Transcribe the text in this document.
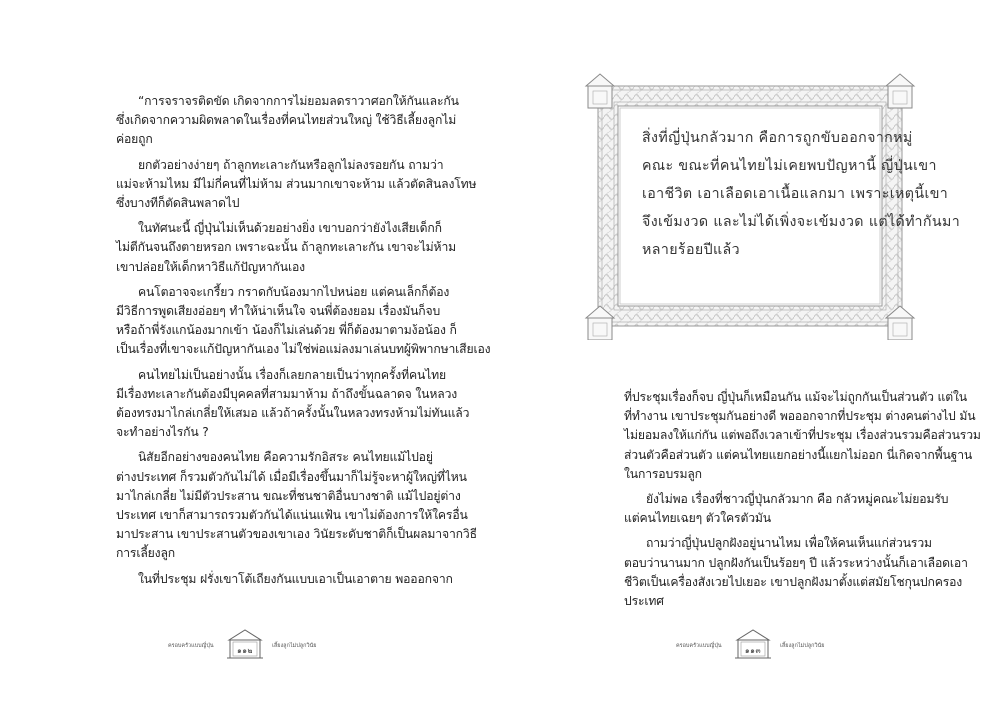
“การจราจรติดขัด เกิดจากการไม่ยอมลดราวาศอกให้กันและกัน

ซึ่งเกิดจากความผิดพลาดในเรื่องที่คนไทยส่วนใหญ่ ใช้วิธีเลี้ยงลูกไม่

ค่อยถูก

ยกตัวอย่างง่ายๆ ถ้าลูกทะเลาะกันหรือลูกไม่ลงรอยกัน ถามว่า

แม่จะห้ามไหม มีไม่กี่คนที่ไม่ห้าม ส่วนมากเขาจะห้าม แล้วตัดสินลงโทษ

ซึ่งบางทีก็ตัดสินพลาดไป

ในทัศนะนี้ ญี่ปุ่นไม่เห็นด้วยอย่างยิ่ง เขาบอกว่ายังไงเสียเด็กก็

ไม่ตีกันจนถึงตายหรอก เพราะฉะนั้น ถ้าลูกทะเลาะกัน เขาจะไม่ห้าม

เขาปล่อยให้เด็กหาวิธีแก้ปัญหากันเอง

คนโตอาจจะเกรี้ยว กราดกับน้องมากไปหน่อย แต่คนเล็กก็ต้อง

มีวิธีการพูดเสียงอ่อยๆ ทำให้น่าเห็นใจ จนพี่ต้องยอม เรื่องมันก็จบ

หรือถ้าพี่รังแกน้องมากเข้า น้องก็ไม่เล่นด้วย พี่ก็ต้องมาตามง้อน้อง ก็

เป็นเรื่องที่เขาจะแก้ปัญหากันเอง ไม่ใช่พ่อแม่ลงมาเล่นบทผู้พิพากษาเสียเอง

คนไทยไม่เป็นอย่างนั้น เรื่องก็เลยกลายเป็นว่าทุกครั้งที่คนไทย

มีเรื่องทะเลาะกันต้องมีบุคคลที่สามมาห้าม ถ้าถึงขั้นฉลาดจ ในหลวง

ต้องทรงมาไกล่เกลี่ยให้เสมอ แล้วถ้าครั้งนั้นในหลวงทรงห้ามไม่ทันแล้ว

จะทำอย่างไรกัน ?

นิสัยอีกอย่างของคนไทย คือความรักอิสระ คนไทยแม้ไปอยู่

ต่างประเทศ ก็รวมตัวกันไม่ได้ เมื่อมีเรื่องขึ้นมาก็ไม่รู้จะหาผู้ใหญ่ที่ไหน

มาไกล่เกลี่ย ไม่มีตัวประสาน ขณะที่ชนชาติอื่นบางชาติ แม้ไปอยู่ต่าง

ประเทศ เขาก็สามารถรวมตัวกันได้แน่นแฟ้น เขาไม่ต้องการให้ใครอื่น

มาประสาน เขาประสานตัวของเขาเอง วินัยระดับชาติก็เป็นผลมาจากวิธี

การเลี้ยงลูก

ในที่ประชุม ฝรั่งเขาโต้เถียงกันแบบเอาเป็นเอาตาย พอออกจาก

ครอบครัวแบบญี่ปุ่น	๑๑๒	เลี้ยงลูกไม่ปลูกวินัย

สิ่งที่ญี่ปุ่นกลัวมาก คือการถูกขับออกจากหมู่

คณะ ขณะที่คนไทยไม่เคยพบปัญหานี้ ญี่ปุ่นเขา

เอาชีวิต เอาเลือดเอาเนื้อแลกมา เพราะเหตุนี้เขา

จึงเข้มงวด และไม่ได้เพิ่งจะเข้มงวด แต่ได้ทำกันมา

หลายร้อยปีแล้ว

ที่ประชุมเรื่องก็จบ ญี่ปุ่นก็เหมือนกัน แม้จะไม่ถูกกันเป็นส่วนตัว แต่ใน

ที่ทำงาน เขาประชุมกันอย่างดี พอออกจากที่ประชุม ต่างคนต่างไป มัน

ไม่ยอมลงให้แก่กัน แต่พอถึงเวลาเข้าที่ประชุม เรื่องส่วนรวมคือส่วนรวม

ส่วนตัวคือส่วนตัว แต่คนไทยแยกอย่างนี้แยกไม่ออก นี่เกิดจากพื้นฐาน

ในการอบรมลูก

ยังไม่พอ เรื่องที่ชาวญี่ปุ่นกลัวมาก คือ กลัวหมู่คณะไม่ยอมรับ

แต่คนไทยเฉยๆ ตัวใครตัวมัน

ถามว่าญี่ปุ่นปลูกฝังอยู่นานไหม เพื่อให้คนเห็นแก่ส่วนรวม

ตอบว่านานมาก ปลูกฝังกันเป็นร้อยๆ ปี แล้วระหว่างนั้นก็เอาเลือดเอา

ชีวิตเป็นเครื่องสังเวยไปเยอะ เขาปลูกฝังมาตั้งแต่สมัยโชกุนปกครอง

ประเทศ

ครอบครัวแบบญี่ปุ่น	๑๑๓	เลี้ยงลูกไม่ปลูกวินัย
